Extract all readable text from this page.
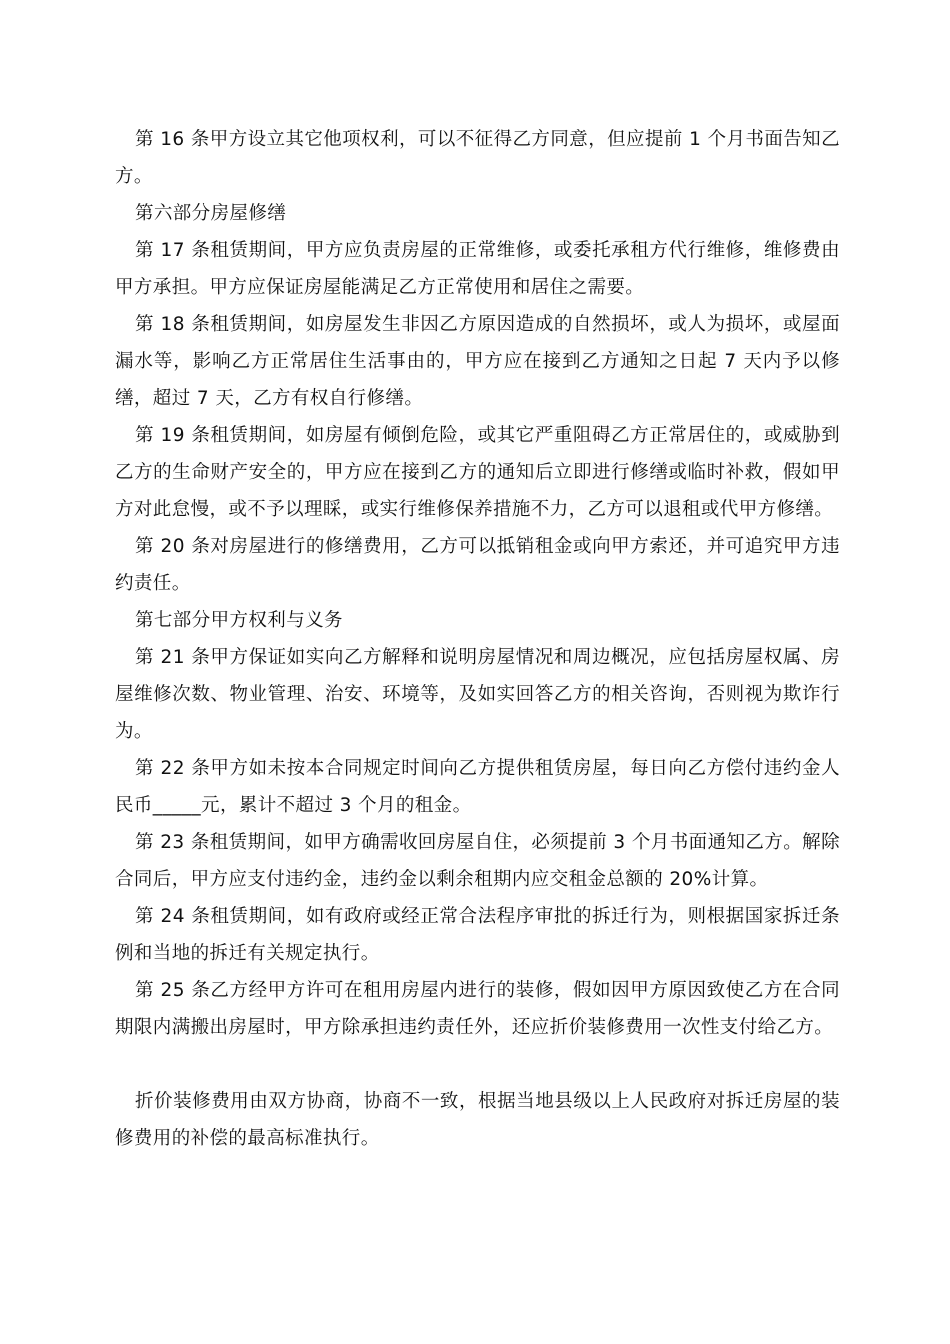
第 16 条甲方设立其它他项权利，可以不征得乙方同意，但应提前 1 个月书面告知乙方。

第六部分房屋修缮

第 17 条租赁期间，甲方应负责房屋的正常维修，或委托承租方代行维修，维修费由甲方承担。甲方应保证房屋能满足乙方正常使用和居住之需要。

第 18 条租赁期间，如房屋发生非因乙方原因造成的自然损坏，或人为损坏，或屋面漏水等，影响乙方正常居住生活事由的，甲方应在接到乙方通知之日起 7 天内予以修缮，超过 7 天，乙方有权自行修缮。

第 19 条租赁期间，如房屋有倾倒危险，或其它严重阻碍乙方正常居住的，或威胁到乙方的生命财产安全的，甲方应在接到乙方的通知后立即进行修缮或临时补救，假如甲方对此怠慢，或不予以理睬，或实行维修保养措施不力，乙方可以退租或代甲方修缮。

第 20 条对房屋进行的修缮费用，乙方可以抵销租金或向甲方索还，并可追究甲方违约责任。

第七部分甲方权利与义务

第 21 条甲方保证如实向乙方解释和说明房屋情况和周边概况，应包括房屋权属、房屋维修次数、物业管理、治安、环境等，及如实回答乙方的相关咨询，否则视为欺诈行为。

第 22 条甲方如未按本合同规定时间向乙方提供租赁房屋，每日向乙方偿付违约金人民币_____元，累计不超过 3 个月的租金。

第 23 条租赁期间，如甲方确需收回房屋自住，必须提前 3 个月书面通知乙方。解除合同后，甲方应支付违约金，违约金以剩余租期内应交租金总额的 20%计算。

第 24 条租赁期间，如有政府或经正常合法程序审批的拆迁行为，则根据国家拆迁条例和当地的拆迁有关规定执行。

第 25 条乙方经甲方许可在租用房屋内进行的装修，假如因甲方原因致使乙方在合同期限内满搬出房屋时，甲方除承担违约责任外，还应折价装修费用一次性支付给乙方。

折价装修费用由双方协商，协商不一致，根据当地县级以上人民政府对拆迁房屋的装修费用的补偿的最高标准执行。
